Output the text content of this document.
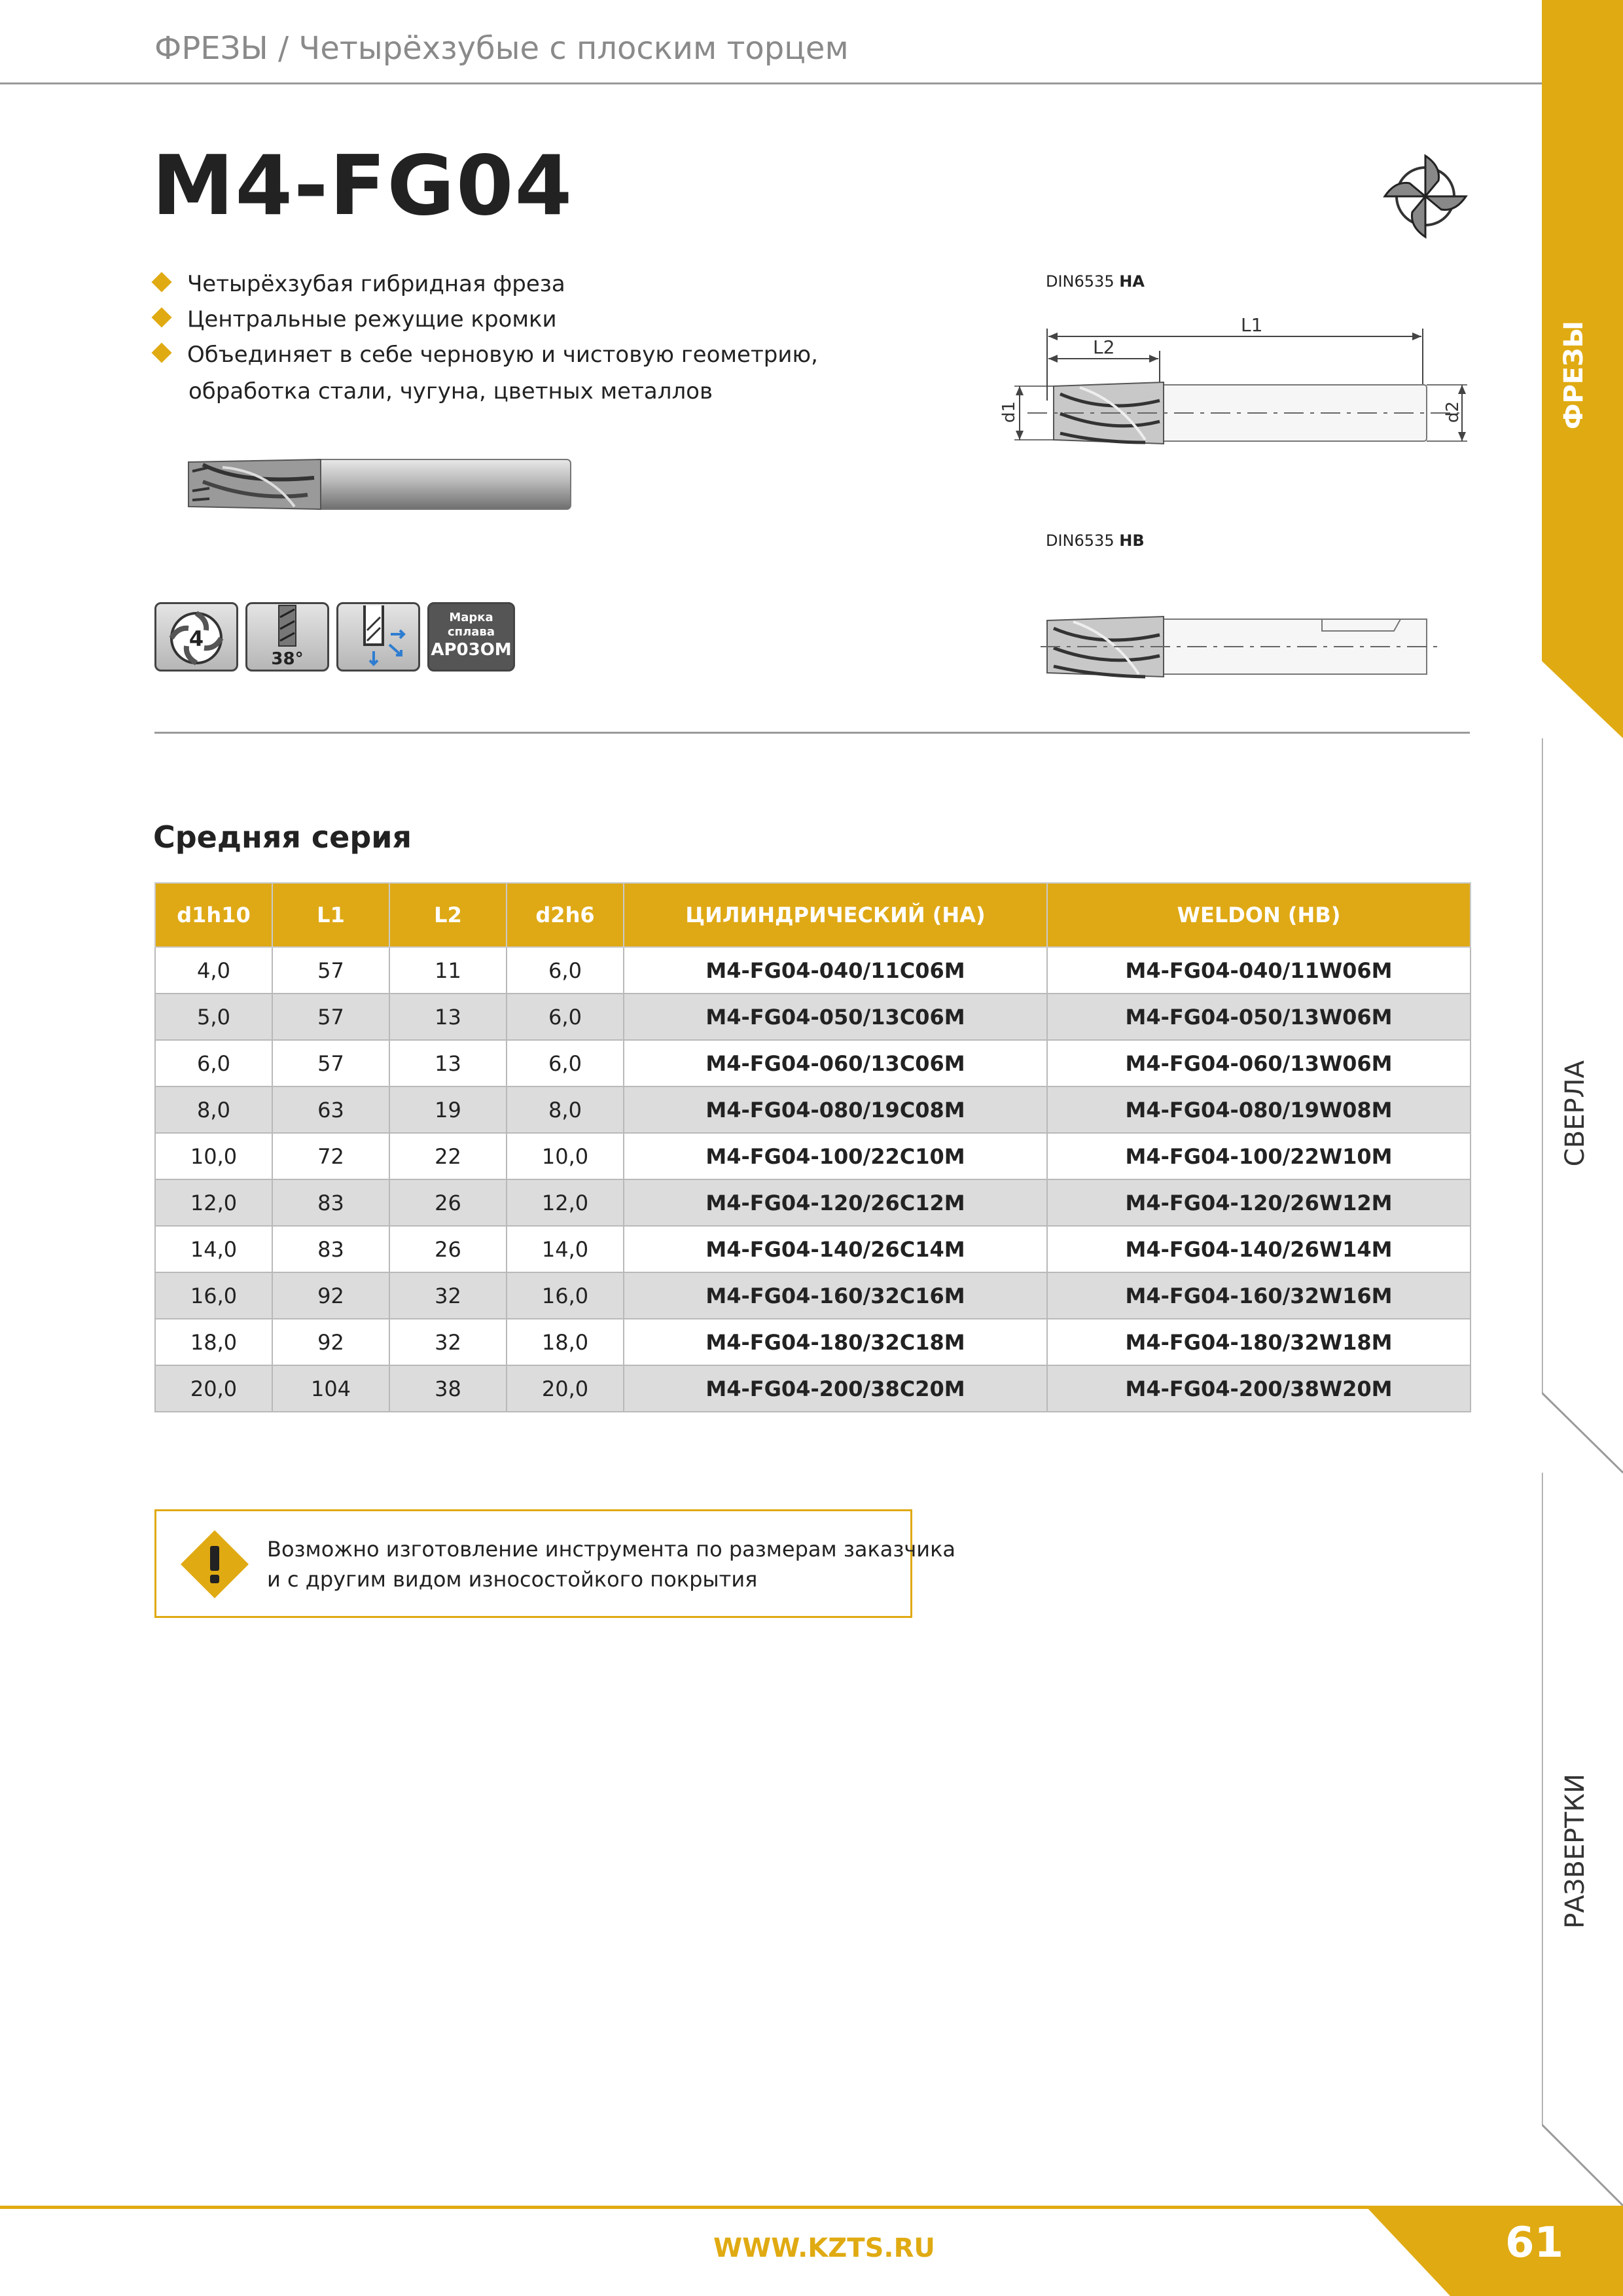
ФРЕЗЫ / Четырёхзубые с плоским торцем
ФРЕЗЫ
СВЕРЛА
РАЗВЕРТКИ
M4-FG04
Четырёхзубая гибридная фреза
Центральные режущие кромки
Объединяет в себе черновую и чистовую геометрию,
обработка стали, чугуна, цветных металлов
4
38°
Марка
сплава
AP03OM
DIN6535 HA
L1
L2
d1	d2
DIN6535 HB
Средняя серия
d1h10	L1	L2	d2h6	ЦИЛИНДРИЧЕСКИЙ (HA)	WELDON (HB)
4,0	57	11	6,0	M4-FG04-040/11C06M	M4-FG04-040/11W06M
5,0	57	13	6,0	M4-FG04-050/13C06M	M4-FG04-050/13W06M
6,0	57	13	6,0	M4-FG04-060/13C06M	M4-FG04-060/13W06M
8,0	63	19	8,0	M4-FG04-080/19C08M	M4-FG04-080/19W08M
10,0	72	22	10,0	M4-FG04-100/22C10M	M4-FG04-100/22W10M
12,0	83	26	12,0	M4-FG04-120/26C12M	M4-FG04-120/26W12M
14,0	83	26	14,0	M4-FG04-140/26C14M	M4-FG04-140/26W14M
16,0	92	32	16,0	M4-FG04-160/32C16M	M4-FG04-160/32W16M
18,0	92	32	18,0	M4-FG04-180/32C18M	M4-FG04-180/32W18M
20,0	104	38	20,0	M4-FG04-200/38C20M	M4-FG04-200/38W20M
Возможно изготовление инструмента по размерам заказчика
и с другим видом износостойкого покрытия
WWW.KZTS.RU	61
